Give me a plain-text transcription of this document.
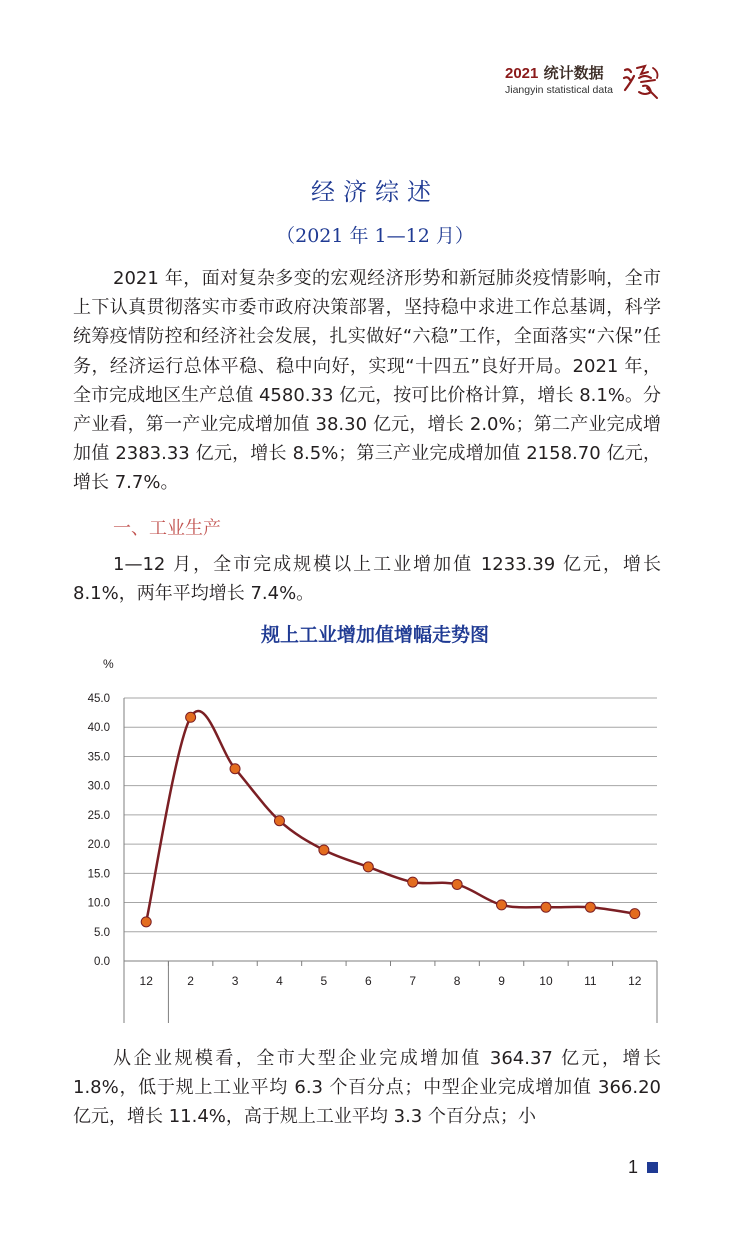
2021 统计数据
Jiangyin statistical data
经济综述
（2021 年 1—12 月）
2021 年，面对复杂多变的宏观经济形势和新冠肺炎疫情影响，全市上下认真贯彻落实市委市政府决策部署，坚持稳中求进工作总基调，科学统筹疫情防控和经济社会发展，扎实做好“六稳”工作，全面落实“六保”任务，经济运行总体平稳、稳中向好，实现“十四五”良好开局。2021 年，全市完成地区生产总值 4580.33 亿元，按可比价格计算，增长 8.1%。分产业看，第一产业完成增加值 38.30 亿元，增长 2.0%；第二产业完成增加值 2383.33 亿元，增长 8.5%；第三产业完成增加值 2158.70 亿元，增长 7.7%。
一、工业生产
1—12 月，全市完成规模以上工业增加值 1233.39 亿元，增长 8.1%，两年平均增长 7.4%。
规上工业增加值增幅走势图
%
0.0
5.0
10.0
15.0
20.0
25.0
30.0
35.0
40.0
45.0
12	2	3	4	5	6	7	8	9	10	11	12
从企业规模看，全市大型企业完成增加值 364.37 亿元，增长 1.8%，低于规上工业平均 6.3 个百分点；中型企业完成增加值 366.20 亿元，增长 11.4%，高于规上工业平均 3.3 个百分点；小
1
